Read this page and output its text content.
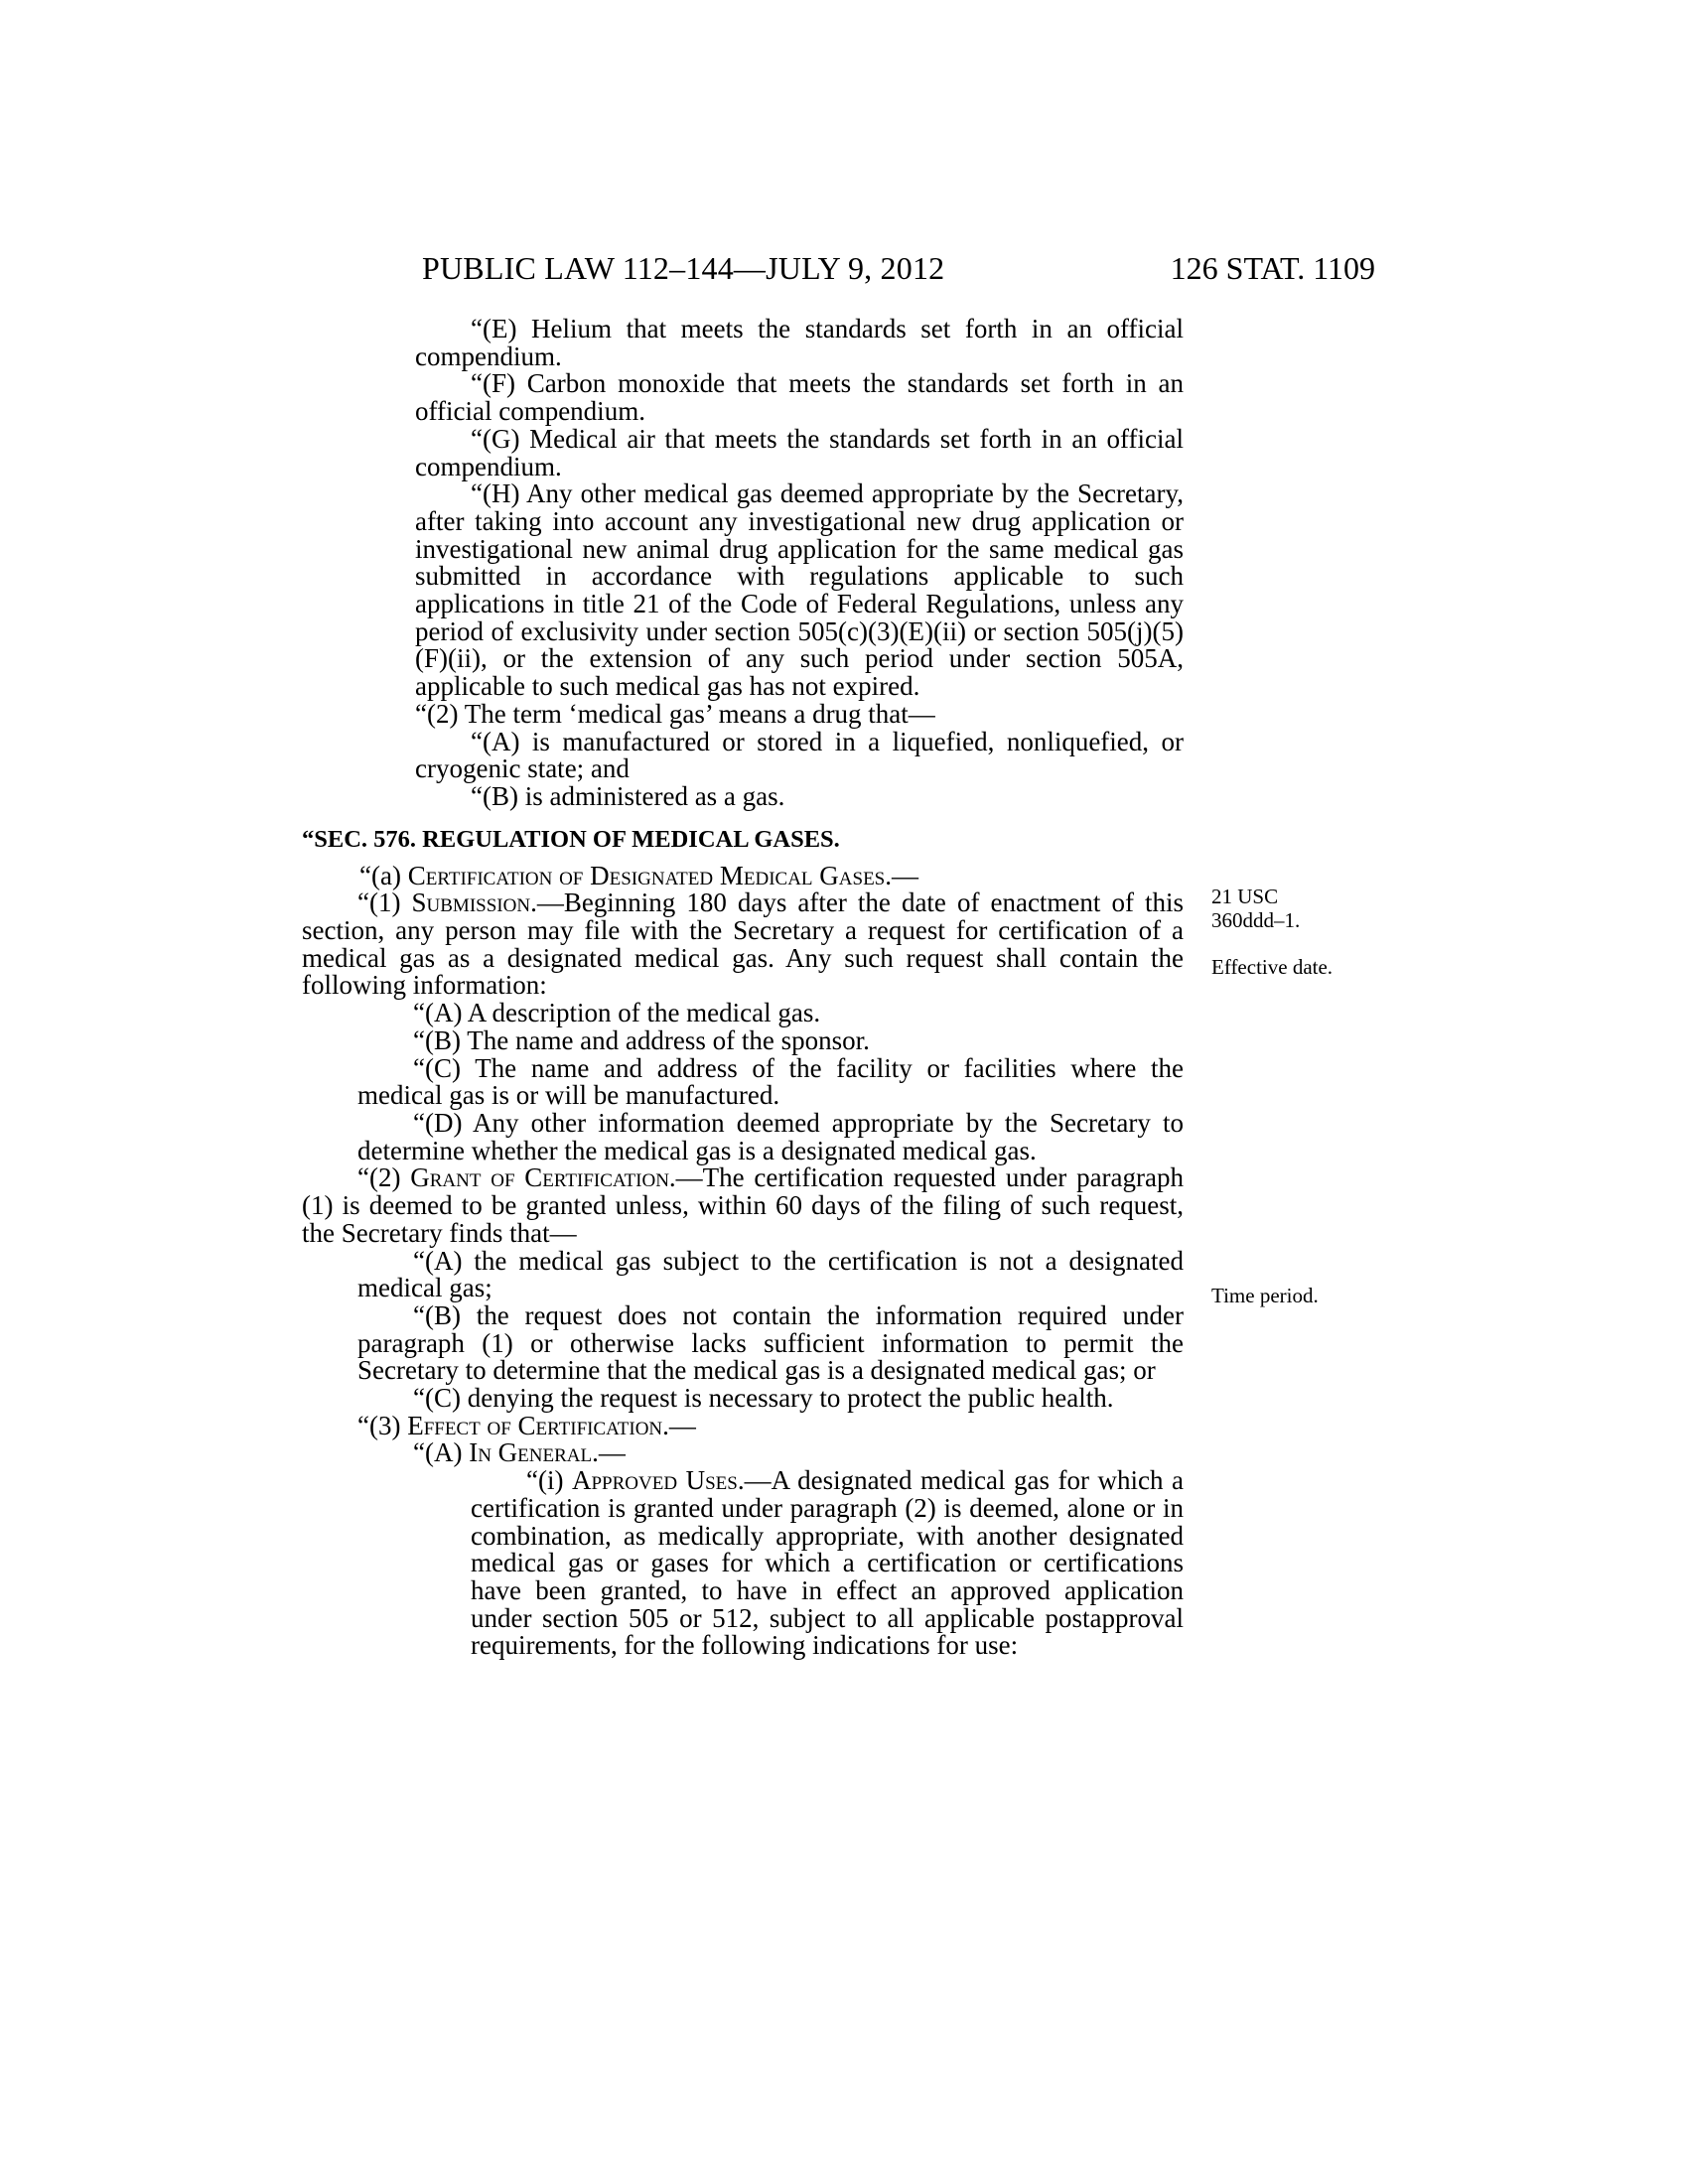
PUBLIC LAW 112–144—JULY 9, 2012	126 STAT. 1109

“(E) Helium that meets the standards set forth in an official compendium.

“(F) Carbon monoxide that meets the standards set forth in an official compendium.

“(G) Medical air that meets the standards set forth in an official compendium.

“(H) Any other medical gas deemed appropriate by the Secretary, after taking into account any investigational new drug application or investigational new animal drug application for the same medical gas submitted in accordance with regulations applicable to such applications in title 21 of the Code of Federal Regulations, unless any period of exclusivity under section 505(c)(3)(E)(ii) or section 505(j)(5)(F)(ii), or the extension of any such period under section 505A, applicable to such medical gas has not expired.

“(2) The term ‘medical gas’ means a drug that—

“(A) is manufactured or stored in a liquefied, nonliquefied, or cryogenic state; and

“(B) is administered as a gas.

“SEC. 576. REGULATION OF MEDICAL GASES.

“(a) Certification of Designated Medical Gases.—

“(1) Submission.—Beginning 180 days after the date of enactment of this section, any person may file with the Secretary a request for certification of a medical gas as a designated medical gas. Any such request shall contain the following information:

“(A) A description of the medical gas.

“(B) The name and address of the sponsor.

“(C) The name and address of the facility or facilities where the medical gas is or will be manufactured.

“(D) Any other information deemed appropriate by the Secretary to determine whether the medical gas is a designated medical gas.

“(2) Grant of Certification.—The certification requested under paragraph (1) is deemed to be granted unless, within 60 days of the filing of such request, the Secretary finds that—

“(A) the medical gas subject to the certification is not a designated medical gas;

“(B) the request does not contain the information required under paragraph (1) or otherwise lacks sufficient information to permit the Secretary to determine that the medical gas is a designated medical gas; or

“(C) denying the request is necessary to protect the public health.

“(3) Effect of Certification.—

“(A) In General.—

“(i) Approved Uses.—A designated medical gas for which a certification is granted under paragraph (2) is deemed, alone or in combination, as medically appropriate, with another designated medical gas or gases for which a certification or certifications have been granted, to have in effect an approved application under section 505 or 512, subject to all applicable postapproval requirements, for the following indications for use:

21 USC
360ddd–1.
Effective date.
Time period.
